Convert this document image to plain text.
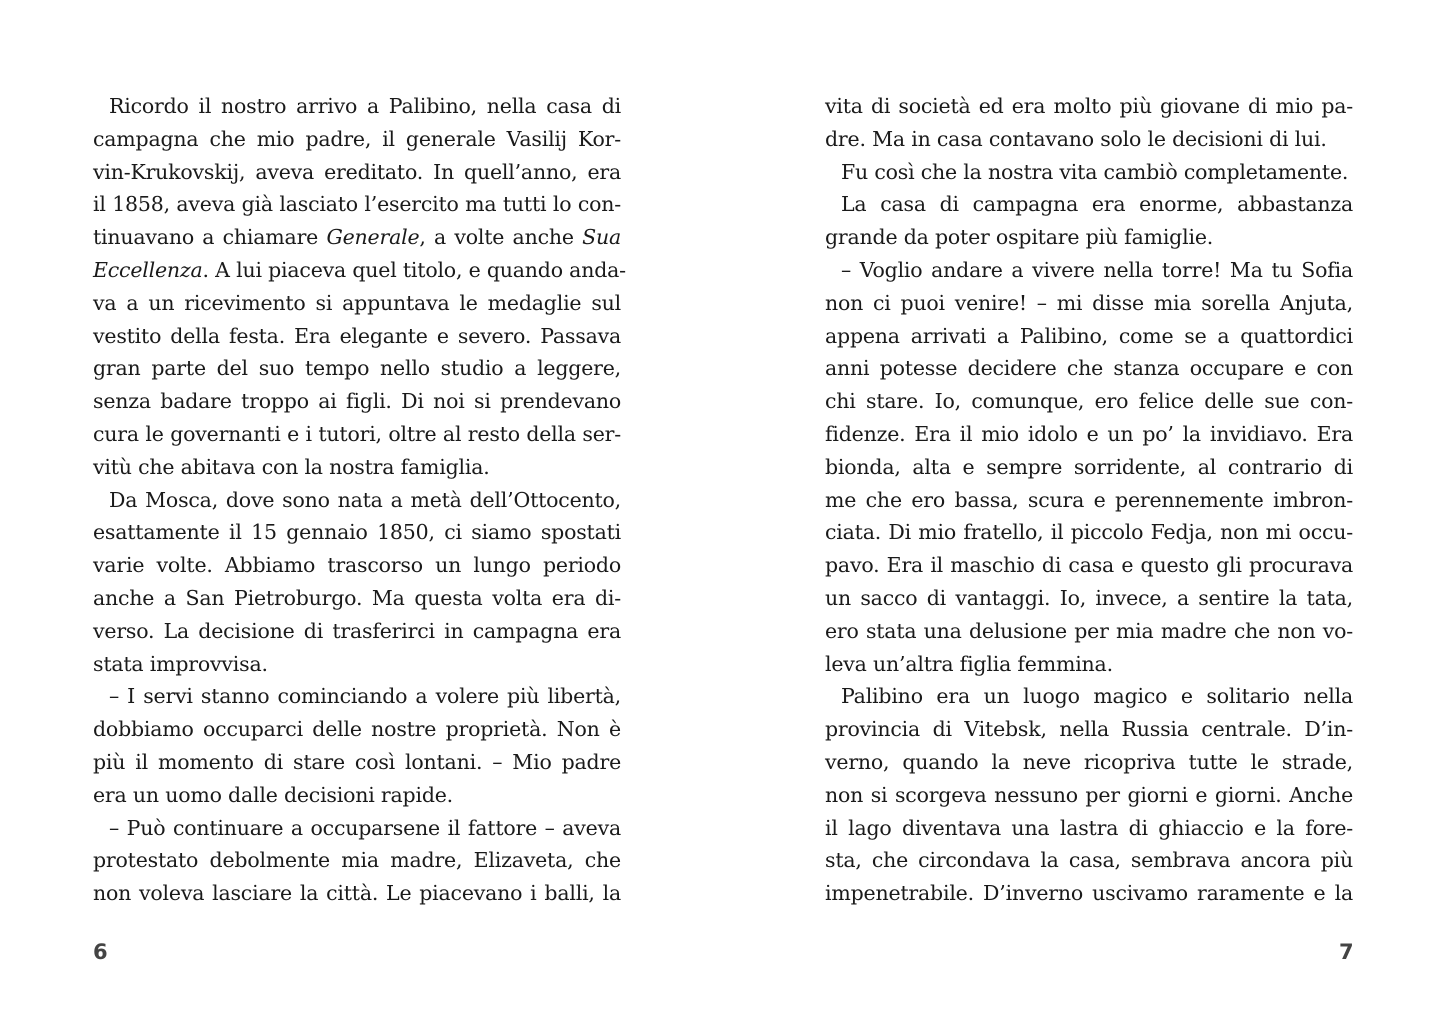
Ricordo il nostro arrivo a Palibino, nella casa di
campagna che mio padre, il generale Vasilij Kor-
vin-Krukovskij, aveva ereditato. In quell’anno, era
il 1858, aveva già lasciato l’esercito ma tutti lo con-
tinuavano a chiamare Generale, a volte anche Sua
Eccellenza. A lui piaceva quel titolo, e quando anda-
va a un ricevimento si appuntava le medaglie sul
vestito della festa. Era elegante e severo. Passava
gran parte del suo tempo nello studio a leggere,
senza badare troppo ai figli. Di noi si prendevano
cura le governanti e i tutori, oltre al resto della ser-
vitù che abitava con la nostra famiglia.
Da Mosca, dove sono nata a metà dell’Ottocento,
esattamente il 15 gennaio 1850, ci siamo spostati
varie volte. Abbiamo trascorso un lungo periodo
anche a San Pietroburgo. Ma questa volta era di-
verso. La decisione di trasferirci in campagna era
stata improvvisa.
– I servi stanno cominciando a volere più libertà,
dobbiamo occuparci delle nostre proprietà. Non è
più il momento di stare così lontani. – Mio padre
era un uomo dalle decisioni rapide.
– Può continuare a occuparsene il fattore – aveva
protestato debolmente mia madre, Elizaveta, che
non voleva lasciare la città. Le piacevano i balli, la
vita di società ed era molto più giovane di mio pa-
dre. Ma in casa contavano solo le decisioni di lui.
Fu così che la nostra vita cambiò completamente.
La casa di campagna era enorme, abbastanza
grande da poter ospitare più famiglie.
– Voglio andare a vivere nella torre! Ma tu Sofia
non ci puoi venire! – mi disse mia sorella Anjuta,
appena arrivati a Palibino, come se a quattordici
anni potesse decidere che stanza occupare e con
chi stare. Io, comunque, ero felice delle sue con-
fidenze. Era il mio idolo e un po’ la invidiavo. Era
bionda, alta e sempre sorridente, al contrario di
me che ero bassa, scura e perennemente imbron-
ciata. Di mio fratello, il piccolo Fedja, non mi occu-
pavo. Era il maschio di casa e questo gli procurava
un sacco di vantaggi. Io, invece, a sentire la tata,
ero stata una delusione per mia madre che non vo-
leva un’altra figlia femmina.
Palibino era un luogo magico e solitario nella
provincia di Vitebsk, nella Russia centrale. D’in-
verno, quando la neve ricopriva tutte le strade,
non si scorgeva nessuno per giorni e giorni. Anche
il lago diventava una lastra di ghiaccio e la fore-
sta, che circondava la casa, sembrava ancora più
impenetrabile. D’inverno uscivamo raramente e la
6	7
